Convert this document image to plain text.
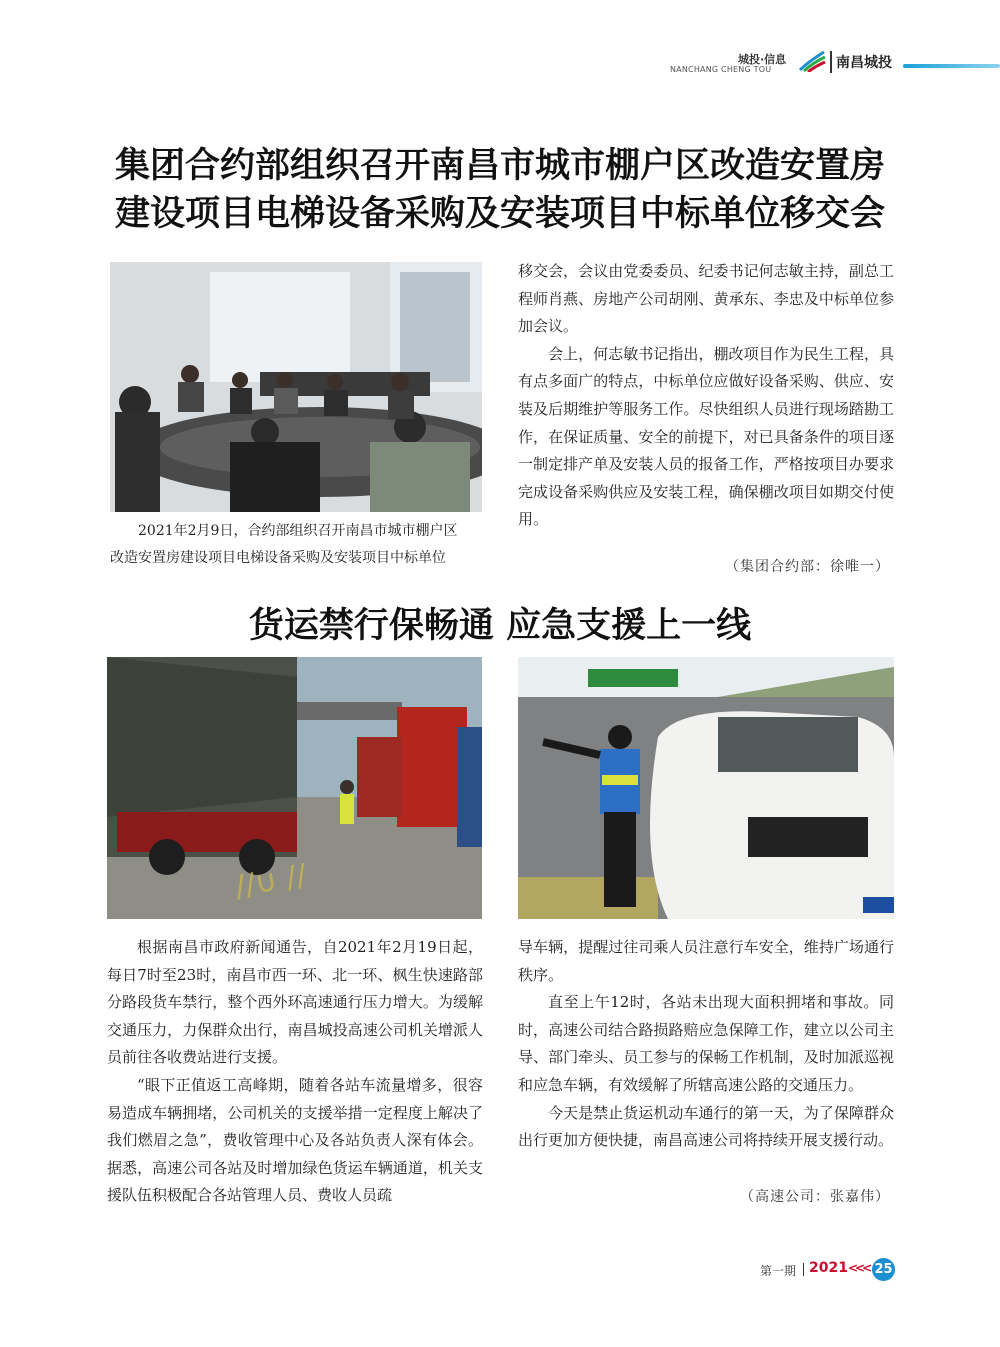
城投·信息
NANCHANG CHENG TOU	南昌城投
集团合约部组织召开南昌市城市棚户区改造安置房
建设项目电梯设备采购及安装项目中标单位移交会
2021年2月9日，合约部组织召开南昌市城市棚户区
改造安置房建设项目电梯设备采购及安装项目中标单位

移交会，会议由党委委员、纪委书记何志敏主持，副总工程师肖燕、房地产公司胡刚、黄承东、李忠及中标单位参加会议。

会上，何志敏书记指出，棚改项目作为民生工程，具有点多面广的特点，中标单位应做好设备采购、供应、安装及后期维护等服务工作。尽快组织人员进行现场踏勘工作，在保证质量、安全的前提下，对已具备条件的项目逐一制定排产单及安装人员的报备工作，严格按项目办要求完成设备采购供应及安装工程，确保棚改项目如期交付使用。

（集团合约部：徐唯一）
货运禁行保畅通 应急支援上一线
∕∕∪ ∕∕

根据南昌市政府新闻通告，自2021年2月19日起，每日7时至23时，南昌市西一环、北一环、枫生快速路部分路段货车禁行，整个西外环高速通行压力增大。为缓解交通压力，力保群众出行，南昌城投高速公司机关增派人员前往各收费站进行支援。

“眼下正值返工高峰期，随着各站车流量增多，很容易造成车辆拥堵，公司机关的支援举措一定程度上解决了我们燃眉之急”，费收管理中心及各站负责人深有体会。据悉，高速公司各站及时增加绿色货运车辆通道，机关支援队伍积极配合各站管理人员、费收人员疏

导车辆，提醒过往司乘人员注意行车安全，维持广场通行秩序。

直至上午12时，各站未出现大面积拥堵和事故。同时，高速公司结合路损路赔应急保障工作，建立以公司主导、部门牵头、员工参与的保畅工作机制，及时加派巡视和应急车辆，有效缓解了所辖高速公路的交通压力。

今天是禁止货运机动车通行的第一天，为了保障群众出行更加方便快捷，南昌高速公司将持续开展支援行动。

（高速公司：张嘉伟）
第一期 2021 <<< 25
